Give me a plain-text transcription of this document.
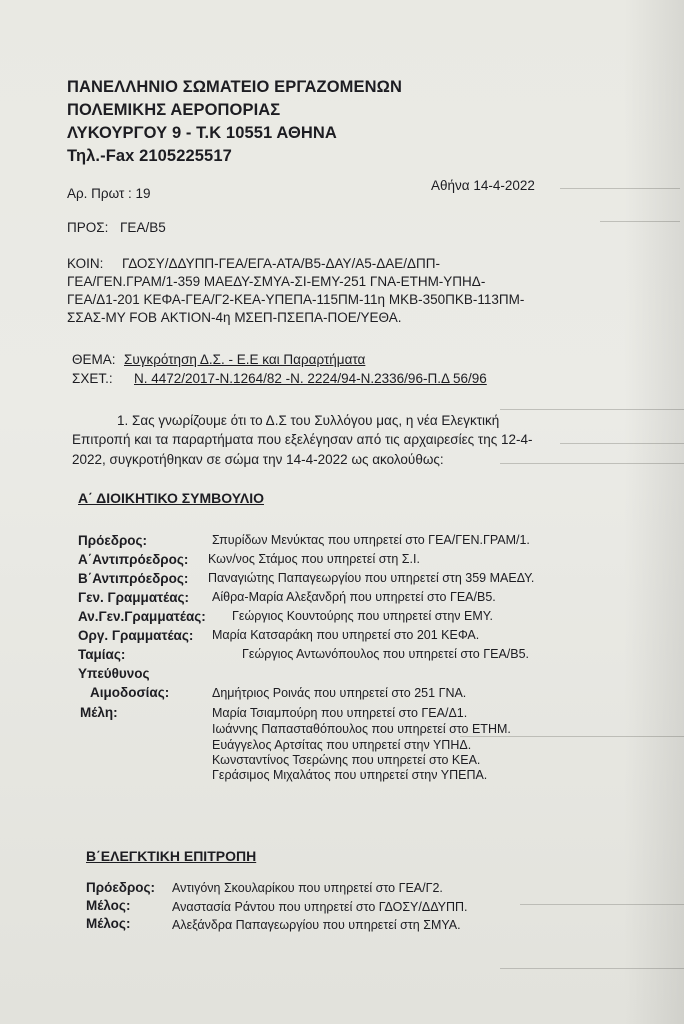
ΠΑΝΕΛΛΗΝΙΟ ΣΩΜΑΤΕΙΟ ΕΡΓΑΖΟΜΕΝΩΝ
ΠΟΛΕΜΙΚΗΣ ΑΕΡΟΠΟΡΙΑΣ
ΛΥΚΟΥΡΓΟΥ 9 - Τ.Κ 10551 ΑΘΗΝΑ
Τηλ.-Fax 2105225517
Αρ. Πρωτ : 19
Αθήνα 14-4-2022
ΠΡΟΣ: ΓΕΑ/Β5
ΚΟΙΝ: ΓΔΟΣΥ/ΔΔΥΠΠ-ΓΕΑ/ΕΓΑ-ΑΤΑ/Β5-ΔΑΥ/Α5-ΔΑΕ/ΔΠΠ-
ΓΕΑ/ΓΕΝ.ΓΡΑΜ/1-359 ΜΑΕΔΥ-ΣΜΥΑ-ΣΙ-ΕΜΥ-251 ΓΝΑ-ΕΤΗΜ-ΥΠΗΔ-
ΓΕΑ/Δ1-201 ΚΕΦΑ-ΓΕΑ/Γ2-ΚΕΑ-ΥΠΕΠΑ-115ΠΜ-11η ΜΚΒ-350ΠΚΒ-113ΠΜ-
ΣΣΑΣ-ΜΥ FOB ΑΚΤΙΟΝ-4η ΜΣΕΠ-ΠΣΕΠΑ-ΠΟΕ/ΥΕΘΑ.
ΘΕΜΑ: Συγκρότηση Δ.Σ. - Ε.Ε και Παραρτήματα
ΣΧΕΤ.: Ν. 4472/2017-Ν.1264/82 -Ν. 2224/94-Ν.2336/96-Π.Δ 56/96
1. Σας γνωρίζουμε ότι το Δ.Σ του Συλλόγου μας, η νέα Ελεγκτική
Επιτροπή και τα παραρτήματα που εξελέγησαν από τις αρχαιρεσίες της 12-4-
2022, συγκροτήθηκαν σε σώμα την 14-4-2022 ως ακολούθως:
Α΄ ΔΙΟΙΚΗΤΙΚΟ ΣΥΜΒΟΥΛΙΟ
Πρόεδρος:	Σπυρίδων Μενύκτας που υπηρετεί στο ΓΕΑ/ΓΕΝ.ΓΡΑΜ/1.
Α΄Αντιπρόεδρος: Κων/νος Στάμος που υπηρετεί στη Σ.Ι.
Β΄Αντιπρόεδρος: Παναγιώτης Παπαγεωργίου που υπηρετεί στη 359 ΜΑΕΔΥ.
Γεν. Γραμματέας: Αίθρα-Μαρία Αλεξανδρή που υπηρετεί στο ΓΕΑ/Β5.
Αν.Γεν.Γραμματέας: Γεώργιος Κουντούρης που υπηρετεί στην ΕΜΥ.
Οργ. Γραμματέας: Μαρία Κατσαράκη που υπηρετεί στο 201 ΚΕΦΑ.
Ταμίας:	Γεώργιος Αντωνόπουλος που υπηρετεί στο ΓΕΑ/Β5.
Υπεύθυνος
Αιμοδοσίας:	Δημήτριος Ροινάς που υπηρετεί στο 251 ΓΝΑ.
Μέλη:	Μαρία Τσιαμπούρη που υπηρετεί στο ΓΕΑ/Δ1.
Ιωάννης Παπασταθόπουλος που υπηρετεί στο ΕΤΗΜ.
Ευάγγελος Αρτσίτας που υπηρετεί στην ΥΠΗΔ.
Κωνσταντίνος Τσερώνης που υπηρετεί στο ΚΕΑ.
Γεράσιμος Μιχαλάτος που υπηρετεί στην ΥΠΕΠΑ.
Β΄ΕΛΕΓΚΤΙΚΗ ΕΠΙΤΡΟΠΗ
Πρόεδρος: Αντιγόνη Σκουλαρίκου που υπηρετεί στο ΓΕΑ/Γ2.
Μέλος:	Αναστασία Ράντου που υπηρετεί στο ΓΔΟΣΥ/ΔΔΥΠΠ.
Μέλος:	Αλεξάνδρα Παπαγεωργίου που υπηρετεί στη ΣΜΥΑ.
